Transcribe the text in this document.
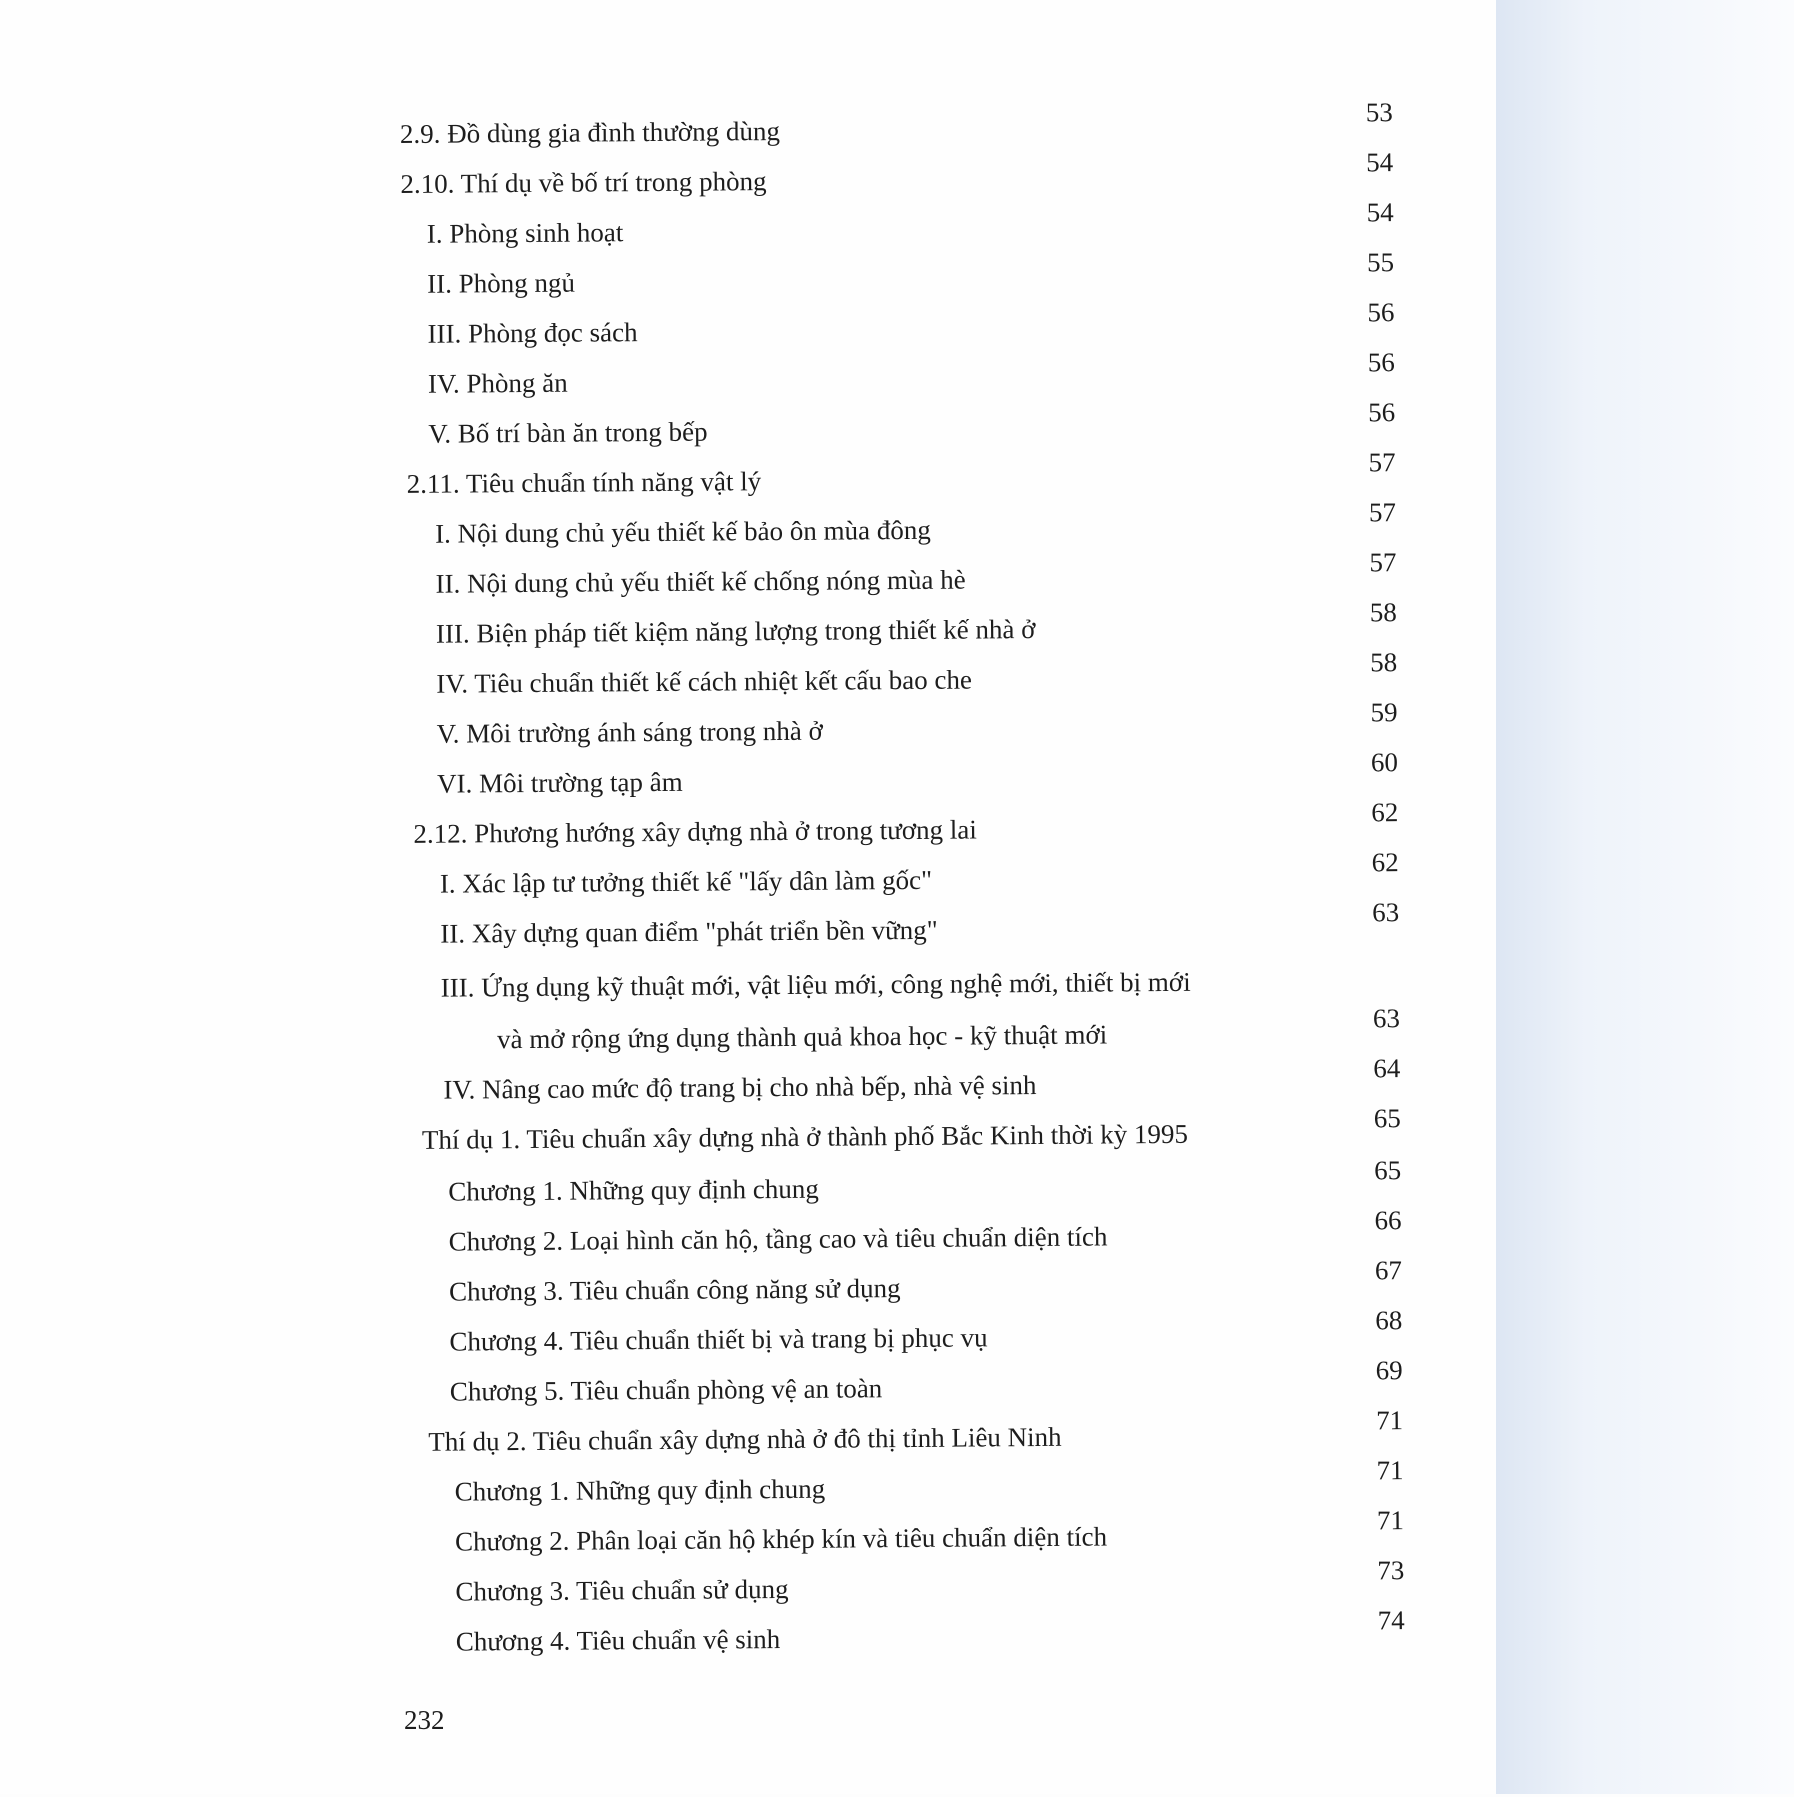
2.9. Đồ dùng gia đình thường dùng
53
2.10. Thí dụ về bố trí trong phòng
54
I. Phòng sinh hoạt
54
II. Phòng ngủ
55
III. Phòng đọc sách
56
IV. Phòng ăn
56
V. Bố trí bàn ăn trong bếp
56
2.11. Tiêu chuẩn tính năng vật lý
57
I. Nội dung chủ yếu thiết kế bảo ôn mùa đông
57
II. Nội dung chủ yếu thiết kế chống nóng mùa hè
57
III. Biện pháp tiết kiệm năng lượng trong thiết kế nhà ở
58
IV. Tiêu chuẩn thiết kế cách nhiệt kết cấu bao che
58
V. Môi trường ánh sáng trong nhà ở
59
VI. Môi trường tạp âm
60
2.12. Phương hướng xây dựng nhà ở trong tương lai
62
I. Xác lập tư tưởng thiết kế "lấy dân làm gốc"
62
II. Xây dựng quan điểm "phát triển bền vững"
63
III. Ứng dụng kỹ thuật mới, vật liệu mới, công nghệ mới, thiết bị mới
và mở rộng ứng dụng thành quả khoa học - kỹ thuật mới
63
IV. Nâng cao mức độ trang bị cho nhà bếp, nhà vệ sinh
64
Thí dụ 1. Tiêu chuẩn xây dựng nhà ở thành phố Bắc Kinh thời kỳ 1995
65
Chương 1. Những quy định chung
65
Chương 2. Loại hình căn hộ, tầng cao và tiêu chuẩn diện tích
66
Chương 3. Tiêu chuẩn công năng sử dụng
67
Chương 4. Tiêu chuẩn thiết bị và trang bị phục vụ
68
Chương 5. Tiêu chuẩn phòng vệ an toàn
69
Thí dụ 2. Tiêu chuẩn xây dựng nhà ở đô thị tỉnh Liêu Ninh
71
Chương 1. Những quy định chung
71
Chương 2. Phân loại căn hộ khép kín và tiêu chuẩn diện tích
71
Chương 3. Tiêu chuẩn sử dụng
73
Chương 4. Tiêu chuẩn vệ sinh
74
232
